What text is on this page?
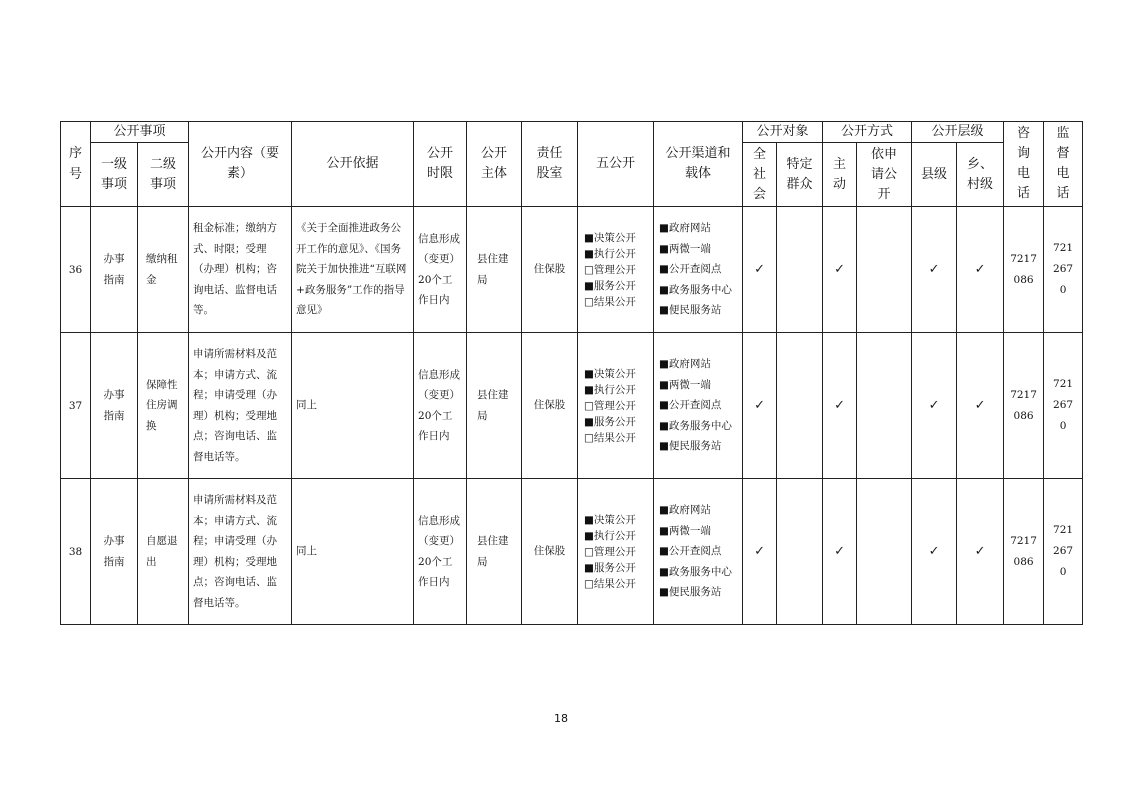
序号	公开事项		公开内容（要素）	公开依据	公开时限	公开主体	责任股室	五公开	公开渠道和载体	公开对象		公开方式		公开层级		咨询电话	监督电话

	一级事项	二级事项								全社会	特定群众	主动	依申请公开	县级	乡、村级		

36	办事指南	缴纳租金	租金标准；缴纳方式、时限；受理（办理）机构；咨询电话、监督电话等。	《关于全面推进政务公开工作的意见》、《国务院关于加快推进“互联网+政务服务”工作的指导意见》	信息形成（变更）20个工作日内	县住建局	住保股	■决策公开
■执行公开
□管理公开
■服务公开
□结果公开	■政府网站
■两微一端
■公开查阅点
■政务服务中心
■便民服务站	✓		✓		✓	✓	7217086	7212670

37	办事指南	保障性住房调换	申请所需材料及范本；申请方式、流程；申请受理（办理）机构；受理地点；咨询电话、监督电话等。	同上	信息形成（变更）20个工作日内	县住建局	住保股	■决策公开
■执行公开
□管理公开
■服务公开
□结果公开	■政府网站
■两微一端
■公开查阅点
■政务服务中心
■便民服务站	✓		✓		✓	✓	7217086	7212670

38	办事指南	自愿退出	申请所需材料及范本；申请方式、流程；申请受理（办理）机构；受理地点；咨询电话、监督电话等。	同上	信息形成（变更）20个工作日内	县住建局	住保股	■决策公开
■执行公开
□管理公开
■服务公开
□结果公开	■政府网站
■两微一端
■公开查阅点
■政务服务中心
■便民服务站	✓		✓		✓	✓	7217086	7212670
18
